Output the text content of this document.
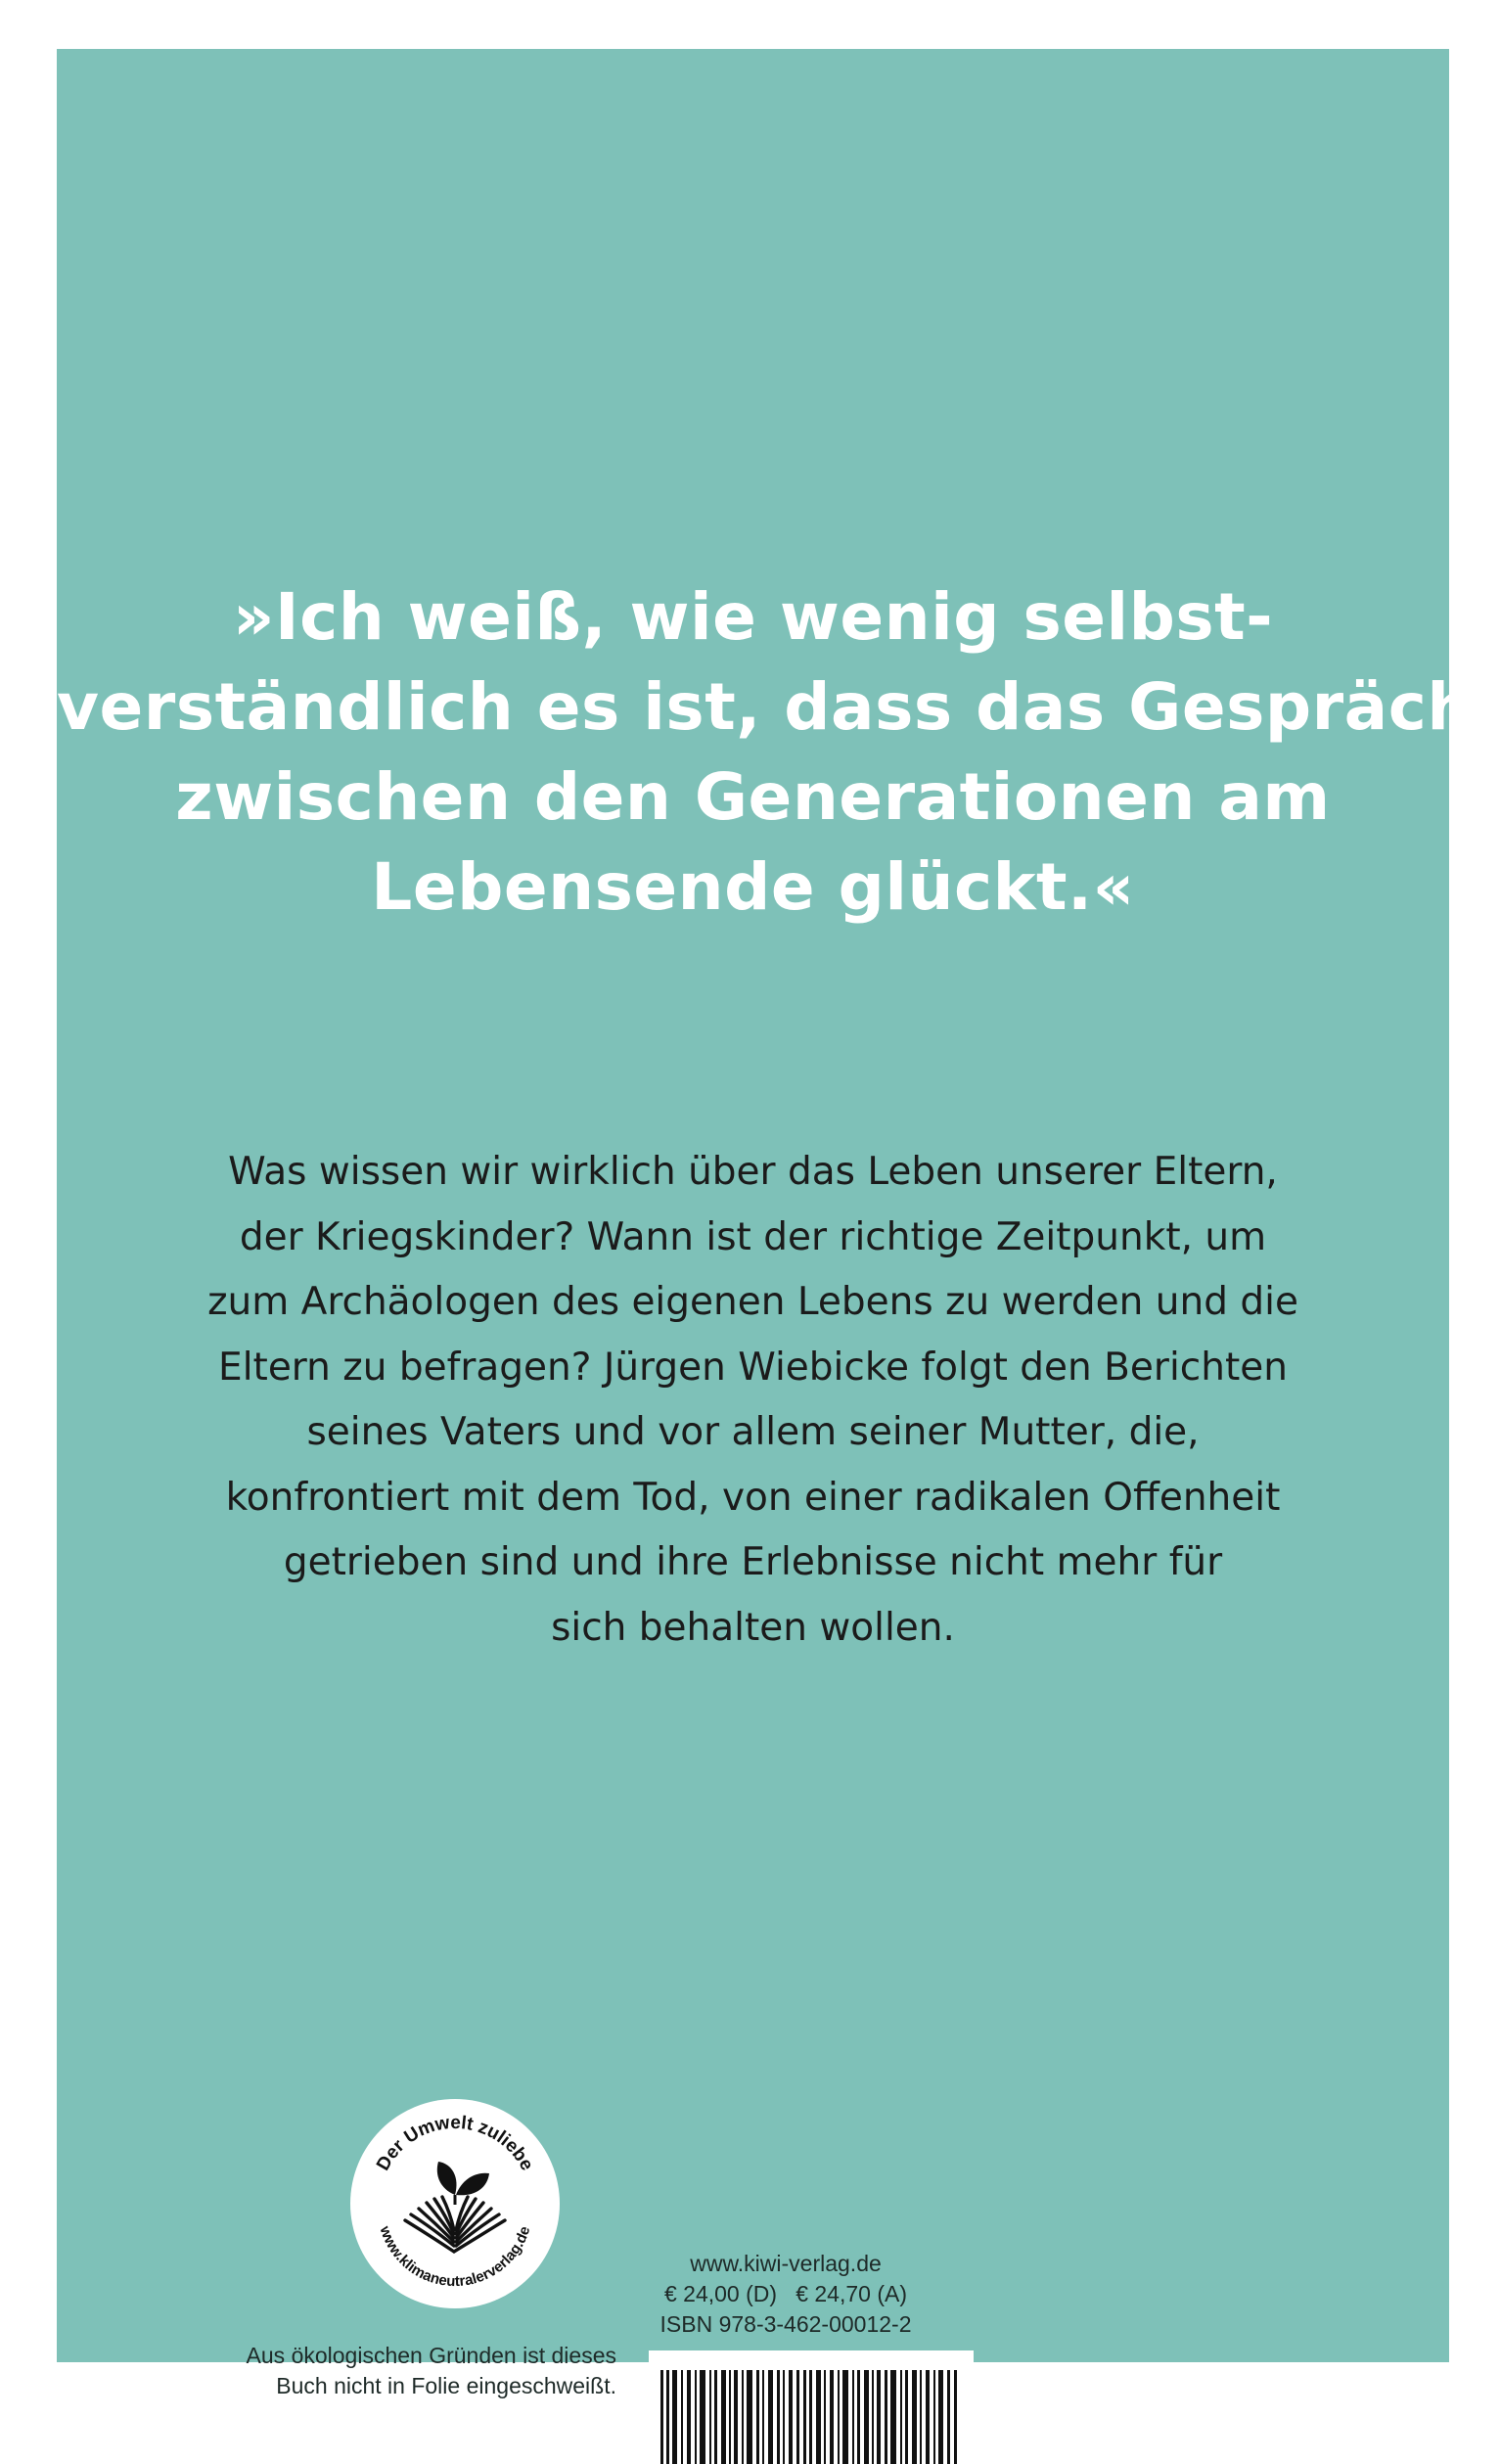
»Ich weiß, wie wenig selbst-
verständlich es ist, dass das Gespräch
zwischen den Generationen am
Lebensende glückt.«
Was wissen wir wirklich über das Leben unserer Eltern,
der Kriegskinder? Wann ist der richtige Zeitpunkt, um
zum Archäologen des eigenen Lebens zu werden und die
Eltern zu befragen? Jürgen Wiebicke folgt den Berichten
seines Vaters und vor allem seiner Mutter, die,
konfrontiert mit dem Tod, von einer radikalen Offenheit
getrieben sind und ihre Erlebnisse nicht mehr für
sich behalten wollen.
Der Umwelt zuliebe
www.klimaneutralerverlag.de
Aus ökologischen Gründen ist dieses
Buch nicht in Folie eingeschweißt.
www.kiwi-verlag.de
€ 24,00 (D)   € 24,70 (A)
ISBN 978-3-462-00012-2
